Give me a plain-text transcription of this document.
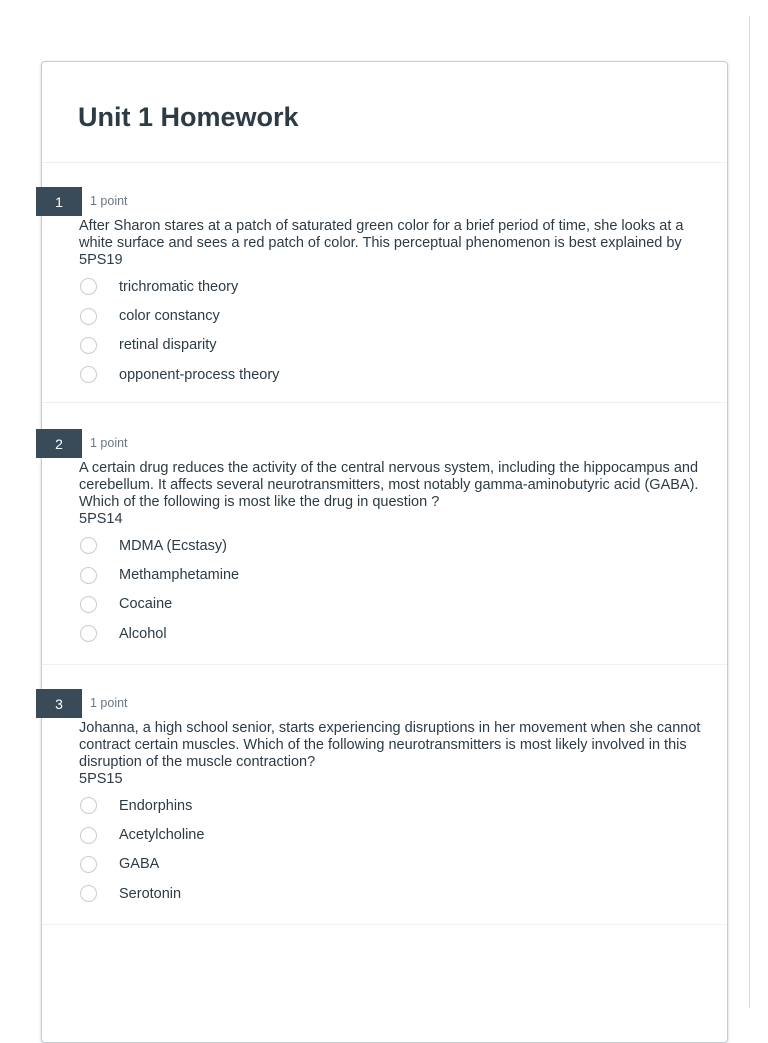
Unit 1 Homework
1	1 point
After Sharon stares at a patch of saturated green color for a brief period of time, she looks at a white surface and sees a red patch of color. This perceptual phenomenon is best explained by
5PS19
trichromatic theory
color constancy
retinal disparity
opponent-process theory
2	1 point
A certain drug reduces the activity of the central nervous system, including the hippocampus and cerebellum. It affects several neurotransmitters, most notably gamma-aminobutyric acid (GABA). Which of the following is most like the drug in question ?
5PS14
MDMA (Ecstasy)
Methamphetamine
Cocaine
Alcohol
3	1 point
Johanna, a high school senior, starts experiencing disruptions in her movement when she cannot contract certain muscles. Which of the following neurotransmitters is most likely involved in this disruption of the muscle contraction?
5PS15
Endorphins
Acetylcholine
GABA
Serotonin
